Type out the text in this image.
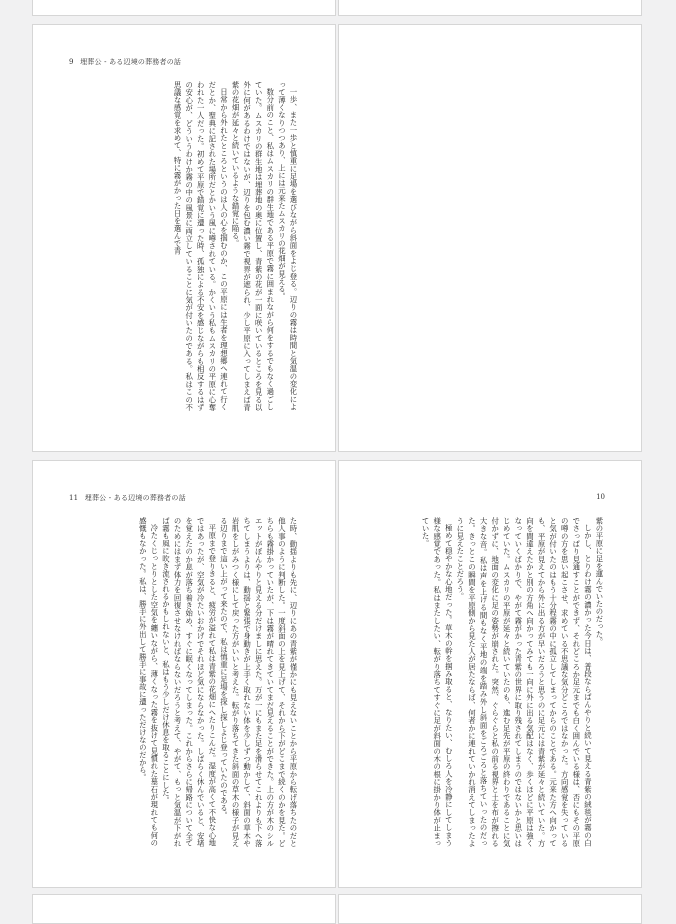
9 埋葬公 - ある辺境の葬務者の話

一歩、また一歩と慎重に足場を選びながら斜面をよじ登る。辺りの霧は時間と気温の変化によって薄くなりつつあり、上には元来たムスカリの花畑が見える。

数分前のこと、私はムスカリの群生地である平原で霧に囲まれながら何をするでもなく過ごしていた。ムスカリの群生地は埋葬地の奥に位置し、青紫の花が一面に咲いているところを見る以外に何があるわけではないが、辺りを包む濃い霧で視界が遮られ、少し平原に入ってしまえば青紫の花畑が延々と続いているような錯覚に陥る。

日常から外れたところというのは人の心を掴むのか、この平原には生者を理想郷へ連れて行くだとか、聖典に記された場所だとかいう風に噂されている。かくいう私もムスカリの平原に心奪われた一人だった。初めて平原で錯覚に遭った時、孤独による不安を感じながらも相反するはずの安心が、どういうわけか霧の中の風景に両立していることに気が付いたのである。私はこの不思議な感覚を求めて、特に霧がかった日を選んで青

11 埋葬公 - ある辺境の葬務者の話

た時、動揺よりも先に、辺りにあの青紫が僅かにも見えないことから平原から転げ落ちたのだと他人事のように判断した。一度斜面の上を見上げて、それから下がどこまで続くのかを見た。どちらも霧掛かっていたが、下は霧が晴れてきていてまだ見えることができた。上の方が木のシルエットがぼんやりと見える分だけましに思えた。万が一にもまた足を滑らせてこれよりも下へ落ちてしまうよりは、動揺と緊張で身動きが上手く取れない体を少しずつ動かして、斜面の草木や岩肌をしがみつく様にして戻った方がいいと考えた。転がり落ちてきた斜面の草木の様子が見える辺りまで這い上がって来たので、私は慎重に足場を探し探しよじ登っていたのである。

平原まで登りきると、疲労が溢れて私は青紫の花畑にへたりこんだ。湿度が高くて不快な心地ではあったが、空気が冷たいおかげでそれほど気にならなかった。しばらく休んでいると、安堵を覚えたのか息が落ち着き始め、すぐに眠くなってしまった。これからさらに帰路について全てのためにはまず体力を回復させなければならないだろうと考えて、やがて、もっと気温が下がれば霧も風に吹き流されるかもしれないと、私はもう少しだけ休息を取ることにした。

冷たくじっとりとした空気を纏いながら、薄くなった霧を抜けて見慣れた墓石が現れても何の感慨もなかった。私は、勝手に外出して勝手に事故に遭っただけなのだから。

10

紫の平原に足を運んでいたのだった。

しかし、とりわけ霧の濃かった今日は、普段ならばんやりと続いて見える青紫の絨毯が霧の白でさっぱり見通すことができず、それどころか足元までも白く囲んでいる様は、否にもその平原の噂の方を思い起こさせ、求めている不思議な気分どころではなかった。方向感覚を失っていると気が付いたのはもう十分程霧の中に孤立してしまってからのことである。元来た方へ向かっても、平原が見えてから外に出る方が早いだろうと思うのに足元には青紫が延々と続いていた。方向を間違えたかと別の方角へ向かってみても一向に外に出る気配はなく、歩くほどに平原は強くなっていくばかりで、やがて霧がかった青紫の世界に取り残されてしまうのではないかと思いはじめていた。ムスカリの平原が延々と続いていたのも、進む足先が平原の終わりであることに気付かずに、地面の変化に足の姿勢が崩された。突然、ぐらぐらと私の前る視界と土を布が擦れる大きな音。私は声を上げる間もなく平地の端を踏み外し斜面をごろごろと落ちていったのだった。きっとこの瞬間を平原側から見た人が居たならば、何者かに連れていかれ消えてしまったように見えたことだろう。

極めて穏やかな心地だった。草木の幹を掴み取ると、なりたい、むしろ人を冷静にしてしまう様な感覚であった。私はまたしたい、転がり落ちてすぐに足が斜面の木の根に掛かり体が止まっていた。
